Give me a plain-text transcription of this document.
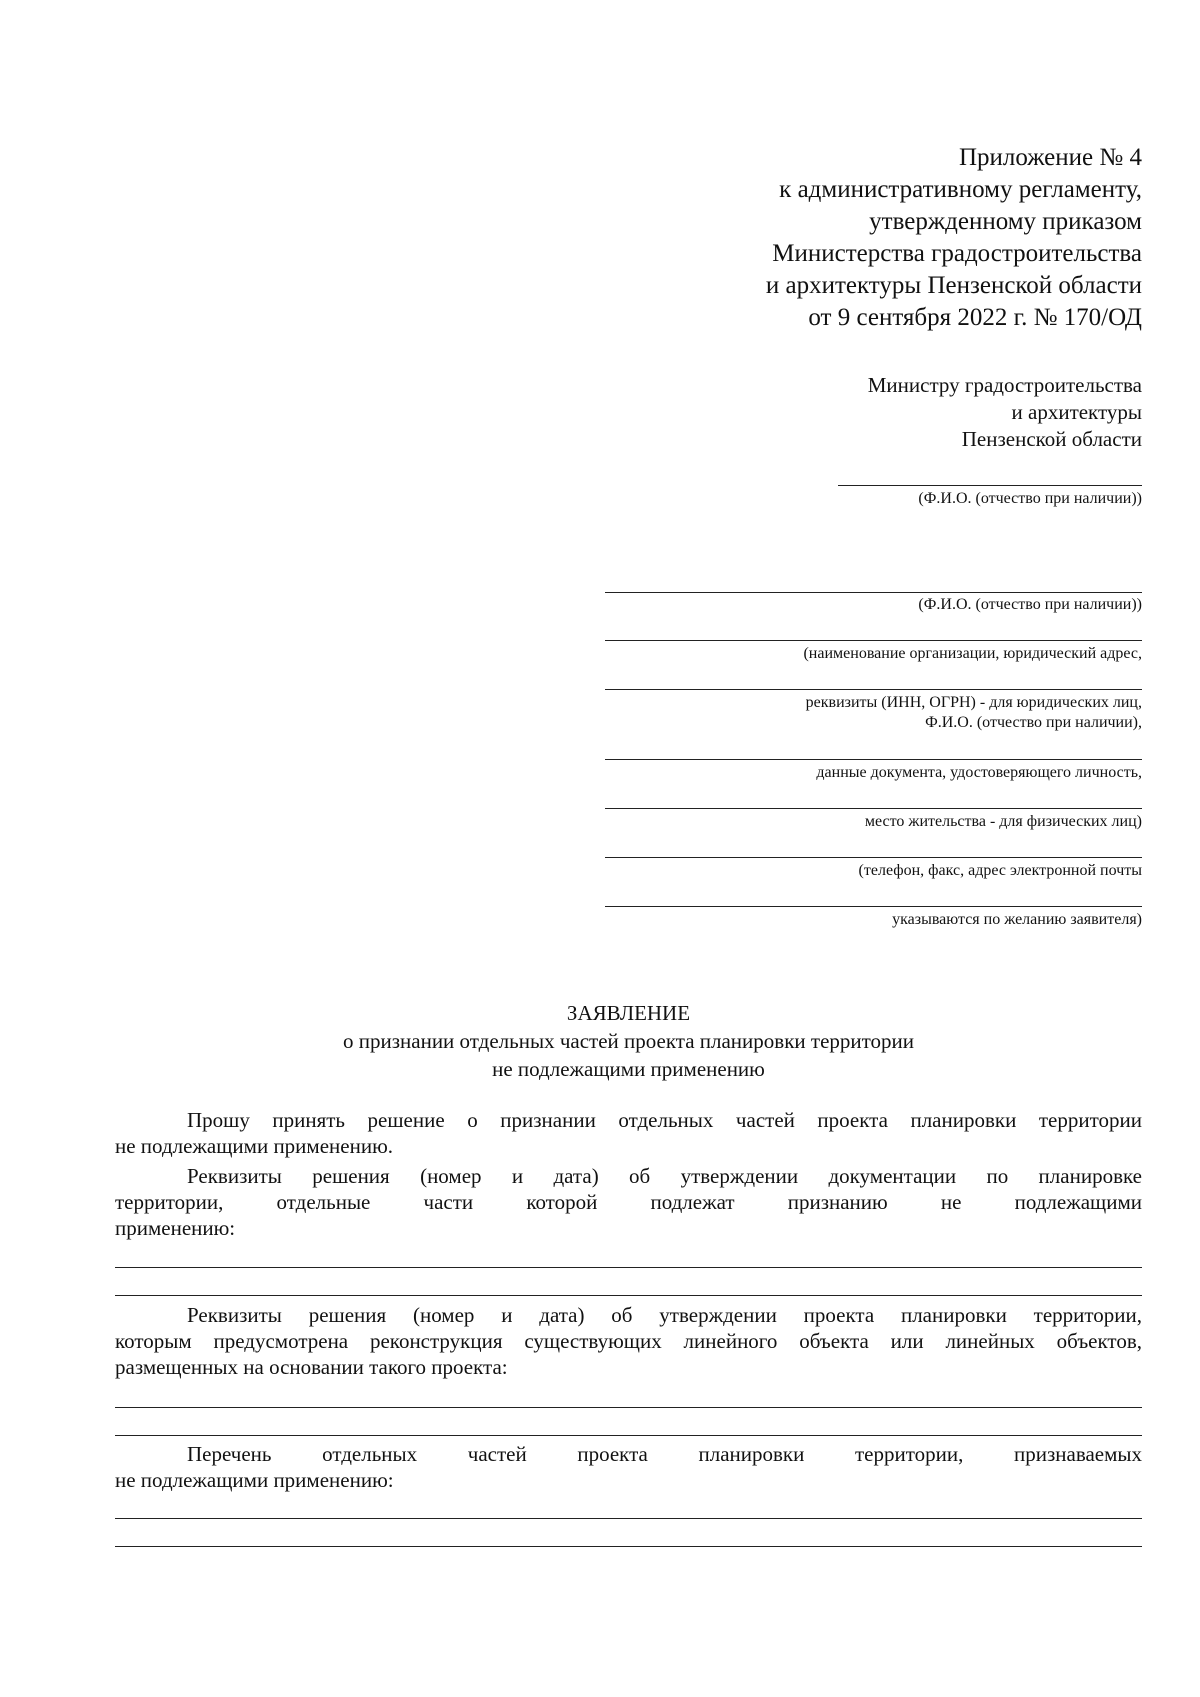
Приложение № 4
к административному регламенту,
утвержденному приказом
Министерства градостроительства
и архитектуры Пензенской области
от 9 сентября 2022 г. № 170/ОД
Министру градостроительства
и архитектуры
Пензенской области
(Ф.И.О. (отчество при наличии))
(Ф.И.О. (отчество при наличии))
(наименование организации, юридический адрес,
реквизиты (ИНН, ОГРН) - для юридических лиц,
Ф.И.О. (отчество при наличии),
данные документа, удостоверяющего личность,
место жительства - для физических лиц)
(телефон, факс, адрес электронной почты
указываются по желанию заявителя)
ЗАЯВЛЕНИЕ
о признании отдельных частей проекта планировки территории
не подлежащими применению
Прошу принять решение о признании отдельных частей проекта планировки территории
не подлежащими применению.
Реквизиты решения (номер и дата) об утверждении документации по планировке
территории, отдельные части которой подлежат признанию не подлежащими
применению:
Реквизиты решения (номер и дата) об утверждении проекта планировки территории,
которым предусмотрена реконструкция существующих линейного объекта или линейных объектов,
размещенных на основании такого проекта:
Перечень отдельных частей проекта планировки территории, признаваемых
не подлежащими применению:
